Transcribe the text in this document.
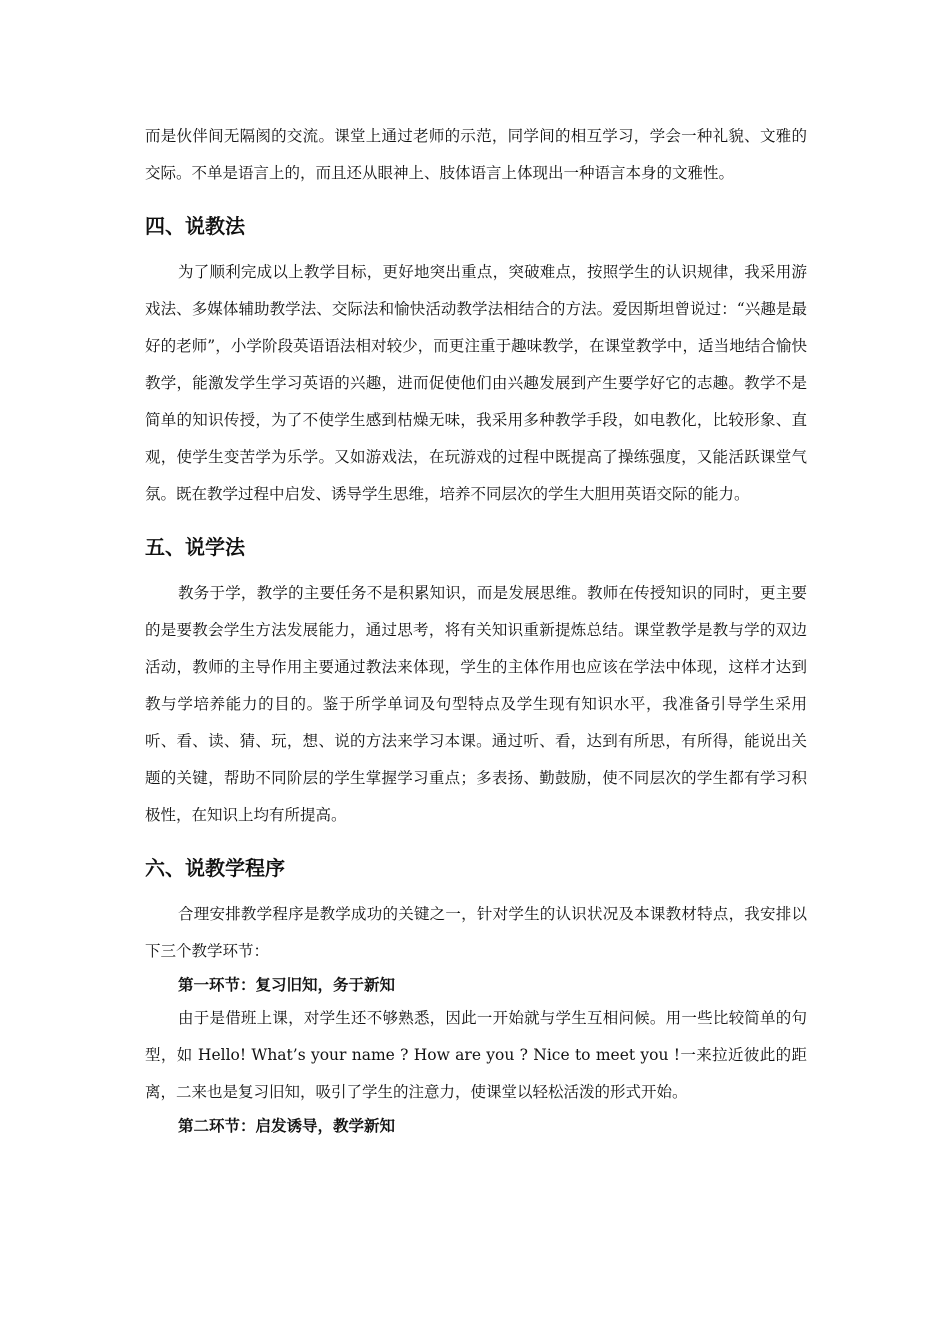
而是伙伴间无隔阂的交流。课堂上通过老师的示范，同学间的相互学习，学会一种礼貌、文雅的交际。不单是语言上的，而且还从眼神上、肢体语言上体现出一种语言本身的文雅性。

四、说教法

为了顺利完成以上教学目标，更好地突出重点，突破难点，按照学生的认识规律，我采用游戏法、多媒体辅助教学法、交际法和愉快活动教学法相结合的方法。爱因斯坦曾说过：“兴趣是最好的老师”，小学阶段英语语法相对较少，而更注重于趣味教学，在课堂教学中，适当地结合愉快教学，能激发学生学习英语的兴趣，进而促使他们由兴趣发展到产生要学好它的志趣。教学不是简单的知识传授，为了不使学生感到枯燥无味，我采用多种教学手段，如电教化，比较形象、直观，使学生变苦学为乐学。又如游戏法，在玩游戏的过程中既提高了操练强度，又能活跃课堂气氛。既在教学过程中启发、诱导学生思维，培养不同层次的学生大胆用英语交际的能力。

五、说学法

教务于学，教学的主要任务不是积累知识，而是发展思维。教师在传授知识的同时，更主要的是要教会学生方法发展能力，通过思考，将有关知识重新提炼总结。课堂教学是教与学的双边活动，教师的主导作用主要通过教法来体现，学生的主体作用也应该在学法中体现，这样才达到教与学培养能力的目的。鉴于所学单词及句型特点及学生现有知识水平，我准备引导学生采用听、看、读、猜、玩，想、说的方法来学习本课。通过听、看，达到有所思，有所得，能说出关题的关键，帮助不同阶层的学生掌握学习重点；多表扬、勤鼓励，使不同层次的学生都有学习积极性，在知识上均有所提高。

六、说教学程序

合理安排教学程序是教学成功的关键之一，针对学生的认识状况及本课教材特点，我安排以下三个教学环节：

第一环节：复习旧知，务于新知

由于是借班上课，对学生还不够熟悉，因此一开始就与学生互相问候。用一些比较简单的句型，如 Hello! What’s your name ? How are you ? Nice to meet you !一来拉近彼此的距离，二来也是复习旧知，吸引了学生的注意力，使课堂以轻松活泼的形式开始。

第二环节：启发诱导，教学新知
